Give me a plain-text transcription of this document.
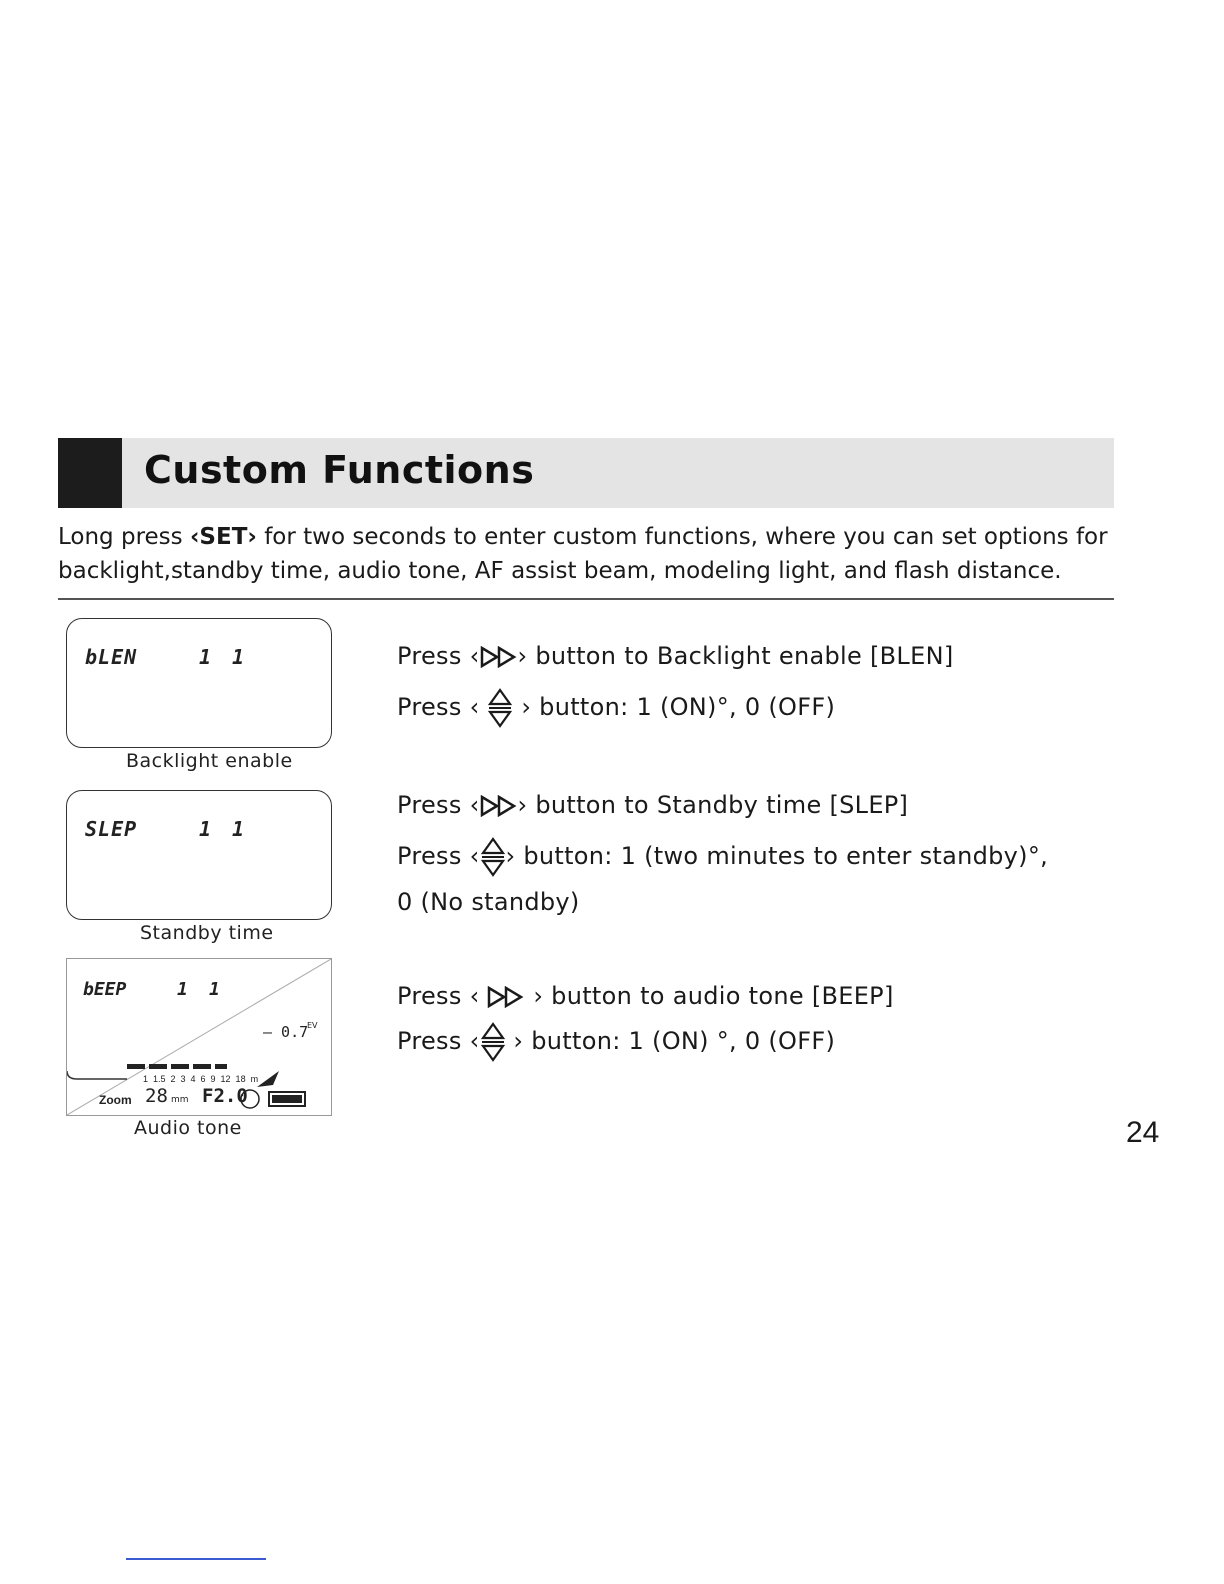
Custom Functions
Long press ‹SET› for two seconds to enter custom functions, where you can set options for backlight,standby time, audio tone, AF assist beam, modeling light, and flash distance.
bLEN	1 1
Backlight enable
Press ‹ › button to Backlight enable [BLEN]
Press ‹  › button: 1 (ON)°, 0 (OFF)
SLEP	1 1
Standby time
Press ‹ › button to Standby time [SLEP]
Press ‹ › button: 1 (two minutes to enter standby)°,
0 (No standby)
bEEP	1 1
– 0.7
EV
1  1.5  2  3  4  6  9  12  18  m
Zoom 28 mm F2.0
Audio tone
Press ‹  › button to audio tone [BEEP]
Press ‹ › button: 1 (ON) °, 0 (OFF)
24
